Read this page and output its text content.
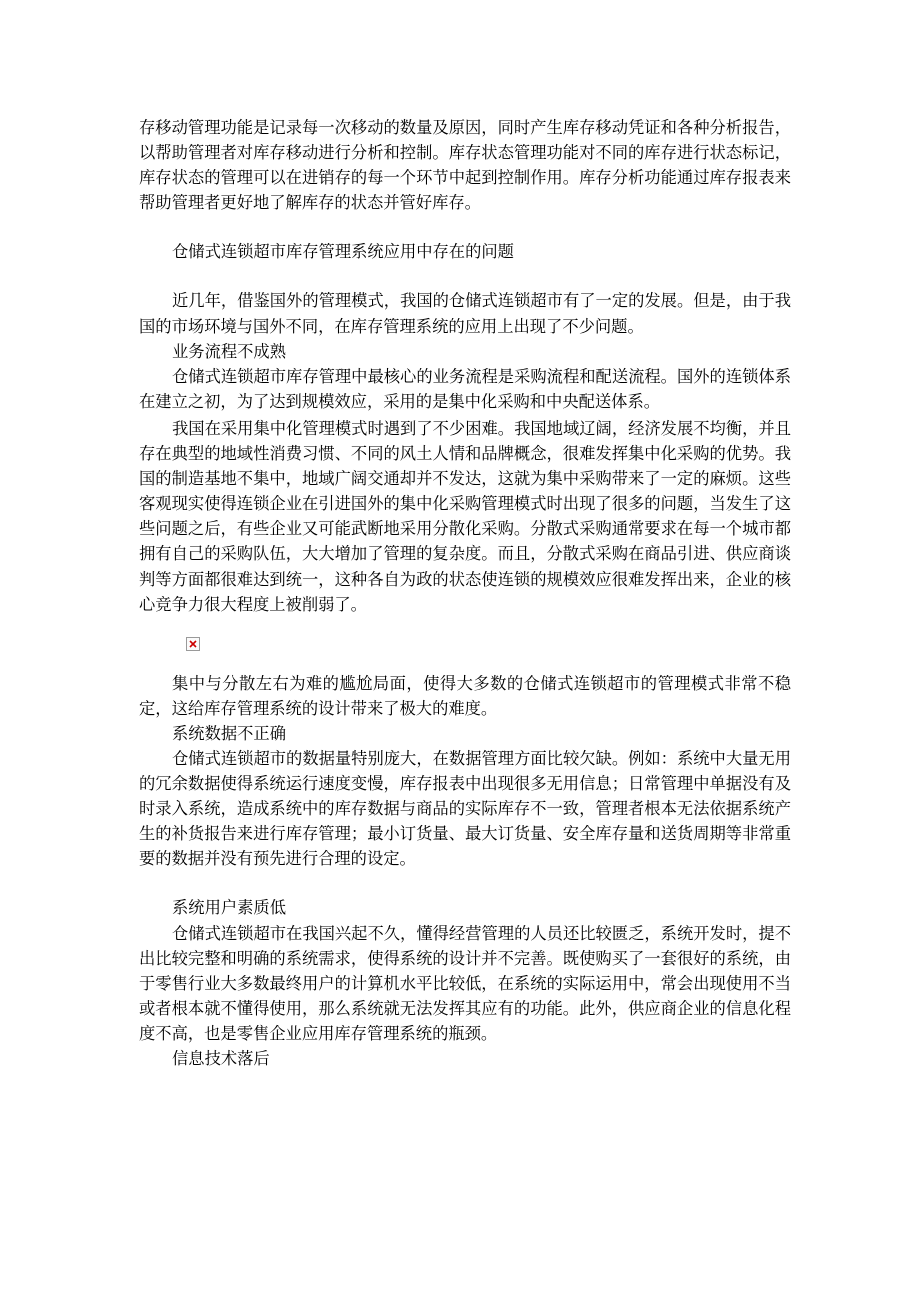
存移动管理功能是记录每一次移动的数量及原因，同时产生库存移动凭证和各种分析报告，以帮助管理者对库存移动进行分析和控制。库存状态管理功能对不同的库存进行状态标记，库存状态的管理可以在进销存的每一个环节中起到控制作用。库存分析功能通过库存报表来帮助管理者更好地了解库存的状态并管好库存。

仓储式连锁超市库存管理系统应用中存在的问题

近几年，借鉴国外的管理模式，我国的仓储式连锁超市有了一定的发展。但是，由于我国的市场环境与国外不同，在库存管理系统的应用上出现了不少问题。

业务流程不成熟

仓储式连锁超市库存管理中最核心的业务流程是采购流程和配送流程。国外的连锁体系在建立之初，为了达到规模效应，采用的是集中化采购和中央配送体系。

我国在采用集中化管理模式时遇到了不少困难。我国地域辽阔，经济发展不均衡，并且存在典型的地域性消费习惯、不同的风土人情和品牌概念，很难发挥集中化采购的优势。我国的制造基地不集中，地域广阔交通却并不发达，这就为集中采购带来了一定的麻烦。这些客观现实使得连锁企业在引进国外的集中化采购管理模式时出现了很多的问题，当发生了这些问题之后，有些企业又可能武断地采用分散化采购。分散式采购通常要求在每一个城市都拥有自己的采购队伍，大大增加了管理的复杂度。而且，分散式采购在商品引进、供应商谈判等方面都很难达到统一，这种各自为政的状态使连锁的规模效应很难发挥出来，企业的核心竞争力很大程度上被削弱了。

集中与分散左右为难的尴尬局面，使得大多数的仓储式连锁超市的管理模式非常不稳定，这给库存管理系统的设计带来了极大的难度。

系统数据不正确

仓储式连锁超市的数据量特别庞大，在数据管理方面比较欠缺。例如：系统中大量无用的冗余数据使得系统运行速度变慢，库存报表中出现很多无用信息；日常管理中单据没有及时录入系统，造成系统中的库存数据与商品的实际库存不一致，管理者根本无法依据系统产生的补货报告来进行库存管理；最小订货量、最大订货量、安全库存量和送货周期等非常重要的数据并没有预先进行合理的设定。

系统用户素质低

仓储式连锁超市在我国兴起不久，懂得经营管理的人员还比较匮乏，系统开发时，提不出比较完整和明确的系统需求，使得系统的设计并不完善。既使购买了一套很好的系统，由于零售行业大多数最终用户的计算机水平比较低，在系统的实际运用中，常会出现使用不当或者根本就不懂得使用，那么系统就无法发挥其应有的功能。此外，供应商企业的信息化程度不高，也是零售企业应用库存管理系统的瓶颈。

信息技术落后
